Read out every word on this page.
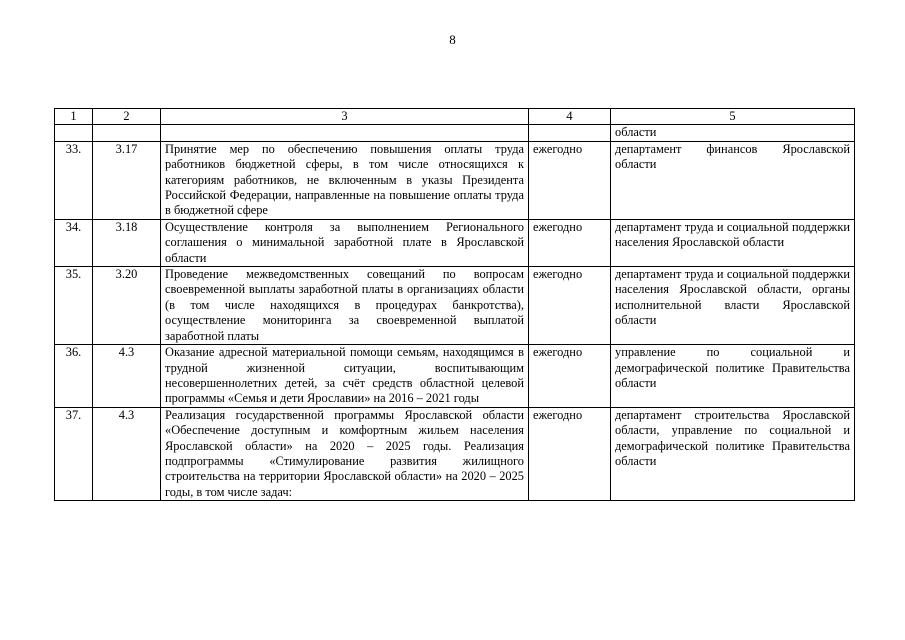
8
1	2	3	4	5
				области
33.	3.17	Принятие мер по обеспечению повышения оплаты труда работников бюджетной сферы, в том числе относящихся к категориям работников, не включенным в указы Президента Российской Федерации, направленные на повышение оплаты труда в бюджетной сфере	ежегодно	департамент финансов Ярославской области
34.	3.18	Осуществление контроля за выполнением Регионального соглашения о минимальной заработной плате в Ярославской области	ежегодно	департамент труда и социальной поддержки населения Ярославской области
35.	3.20	Проведение межведомственных совещаний по вопросам своевременной выплаты заработной платы в организациях области (в том числе находящихся в процедурах банкротства), осуществление мониторинга за своевременной выплатой заработной платы	ежегодно	департамент труда и социальной поддержки населения Ярославской области, органы исполнительной власти Ярославской области
36.	4.3	Оказание адресной материальной помощи семьям, находящимся в трудной жизненной ситуации, воспитывающим несовершеннолетних детей, за счёт средств областной целевой программы «Семья и дети Ярославии» на 2016 – 2021 годы	ежегодно	управление по социальной и демографической политике Правительства области
37.	4.3	Реализация государственной программы Ярославской области «Обеспечение доступным и комфортным жильем населения Ярославской области» на 2020 – 2025 годы. Реализация подпрограммы «Стимулирование развития жилищного строительства на территории Ярославской области» на 2020 – 2025 годы, в том числе задач:	ежегодно	департамент строительства Ярославской области, управление по социальной и демографической политике Правительства области
